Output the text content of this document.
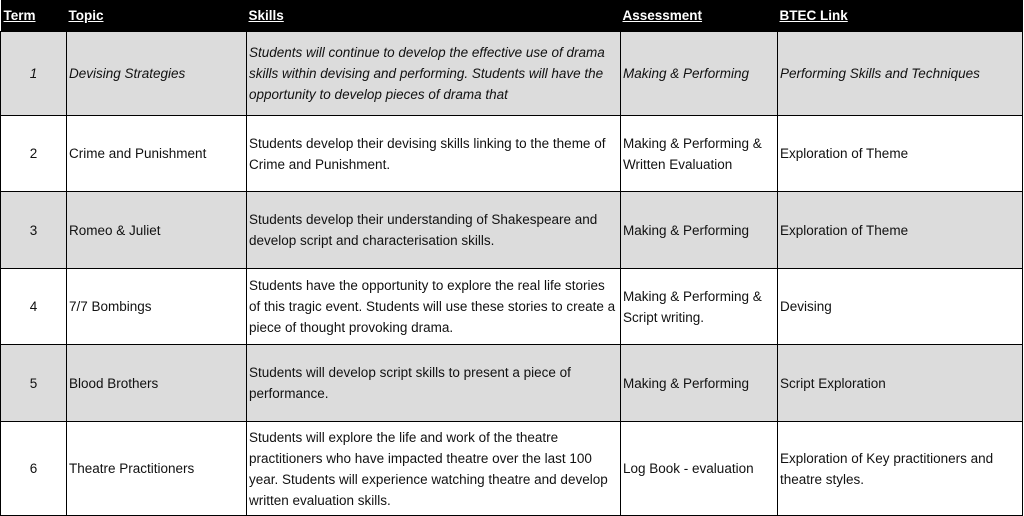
Term	Topic	Skills	Assessment	BTEC Link
1	Devising Strategies	Students will continue to develop the effective use of drama skills within devising and performing. Students will have the opportunity to develop pieces of drama that	Making & Performing	Performing Skills and Techniques
2	Crime and Punishment	Students develop their devising skills linking to the theme of Crime and Punishment.	Making & Performing & Written Evaluation	Exploration of Theme
3	Romeo & Juliet	Students develop their understanding of Shakespeare and develop script and characterisation skills.	Making & Performing	Exploration of Theme
4	7/7 Bombings	Students have the opportunity to explore the real life stories of this tragic event. Students will use these stories to create a piece of thought provoking drama.	Making & Performing & Script writing.	Devising
5	Blood Brothers	Students will develop script skills to present a piece of performance.	Making & Performing	Script Exploration
6	Theatre Practitioners	Students will explore the life and work of the theatre practitioners who have impacted theatre over the last 100 year. Students will experience watching theatre and develop written evaluation skills.	Log Book - evaluation	Exploration of Key practitioners and theatre styles.
